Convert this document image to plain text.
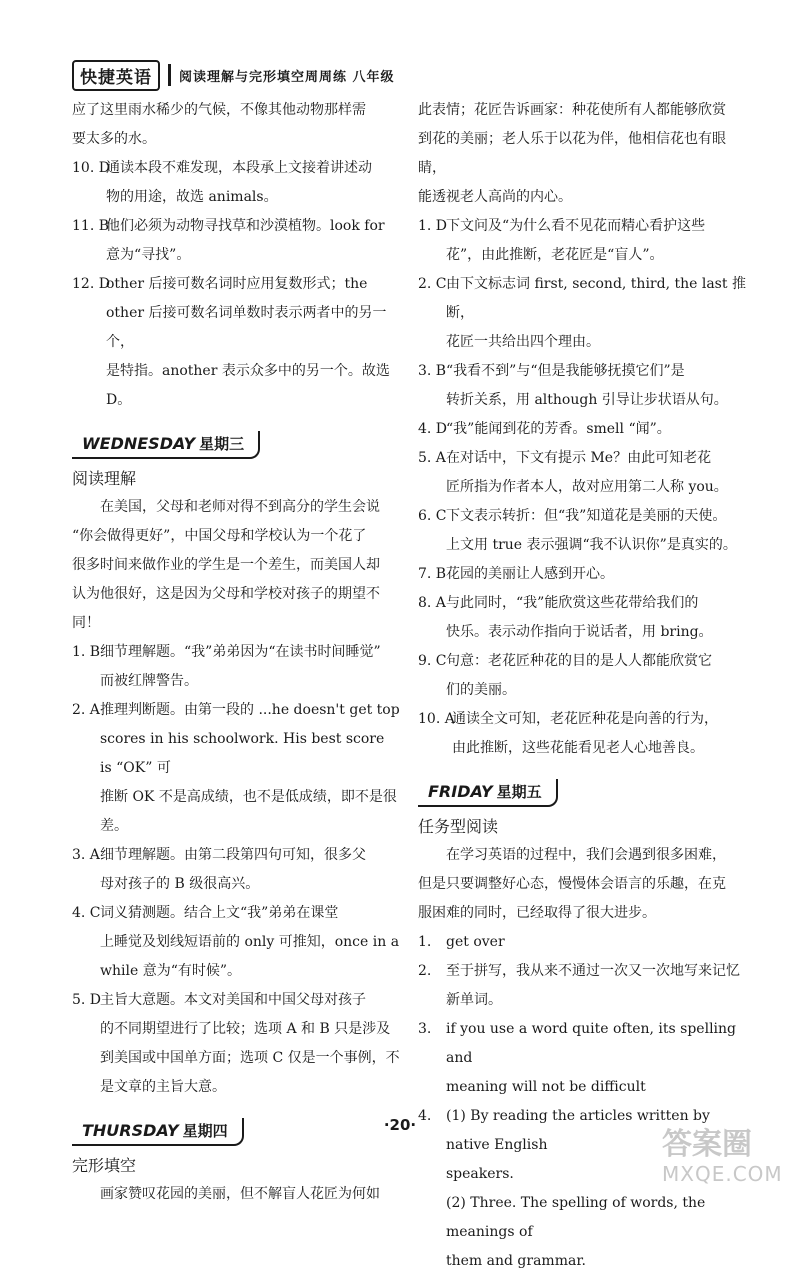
快捷英语	阅读理解与完形填空周周练 八年级
应了这里雨水稀少的气候，不像其他动物那样需
要太多的水。
10. D
通读本段不难发现，本段承上文接着讲述动
物的用途，故选 animals。
11. B
他们必须为动物寻找草和沙漠植物。look for
意为“寻找”。
12. D
other 后接可数名词时应用复数形式；the
other 后接可数名词单数时表示两者中的另一个，
是特指。another 表示众多中的另一个。故选 D。
WEDNESDAY 星期三
阅读理解
在美国，父母和老师对得不到高分的学生会说
“你会做得更好”，中国父母和学校认为一个花了
很多时间来做作业的学生是一个差生，而美国人却
认为他很好，这是因为父母和学校对孩子的期望不
同！
1. B 细节理解题。“我”弟弟因为“在读书时间睡觉”
而被红牌警告。
2. A 推理判断题。由第一段的 ...he doesn't get top
scores in his schoolwork. His best score is “OK” 可
推断 OK 不是高成绩，也不是低成绩，即不是很
差。
3. A 细节理解题。由第二段第四句可知，很多父
母对孩子的 B 级很高兴。
4. C 词义猜测题。结合上文“我”弟弟在课堂
上睡觉及划线短语前的 only 可推知，once in a
while 意为“有时候”。
5. D
主旨大意题。本文对美国和中国父母对孩子
的不同期望进行了比较；选项 A 和 B 只是涉及
到美国或中国单方面；选项 C 仅是一个事例，不
是文章的主旨大意。
THURSDAY 星期四
完形填空
画家赞叹花园的美丽，但不解盲人花匠为何如
此表情；花匠告诉画家：种花使所有人都能够欣赏
到花的美丽；老人乐于以花为伴，他相信花也有眼睛，
能透视老人高尚的内心。
1. D
下文问及“为什么看不见花而精心看护这些
花”，由此推断，老花匠是“盲人”。
2. C 由下文标志词 first, second, third, the last 推断，
花匠一共给出四个理由。
3. B “我看不到”与“但是我能够抚摸它们”是
转折关系，用 although 引导让步状语从句。
4. D
“我”能闻到花的芳香。smell “闻”。
5. A 在对话中，下文有提示 Me？由此可知老花
匠所指为作者本人，故对应用第二人称 you。
6. C 下文表示转折：但“我”知道花是美丽的天使。
上文用 true 表示强调“我不认识你”是真实的。
7. B 花园的美丽让人感到开心。
8. A 与此同时，“我”能欣赏这些花带给我们的
快乐。表示动作指向于说话者，用 bring。
9. C 句意：老花匠种花的目的是人人都能欣赏它
们的美丽。
10. A
通读全文可知，老花匠种花是向善的行为，
由此推断，这些花能看见老人心地善良。
FRIDAY 星期五
任务型阅读
在学习英语的过程中，我们会遇到很多困难，
但是只要调整好心态，慢慢体会语言的乐趣，在克
服困难的同时，已经取得了很大进步。
1. get over
2. 至于拼写，我从来不通过一次又一次地写来记忆
新单词。
3. if you use a word quite often, its spelling and
meaning will not be difficult
4. (1) By reading the articles written by native English
speakers.
(2) Three. The spelling of words, the meanings of
them and grammar.
·20·
答案圈
MXQE.COM
